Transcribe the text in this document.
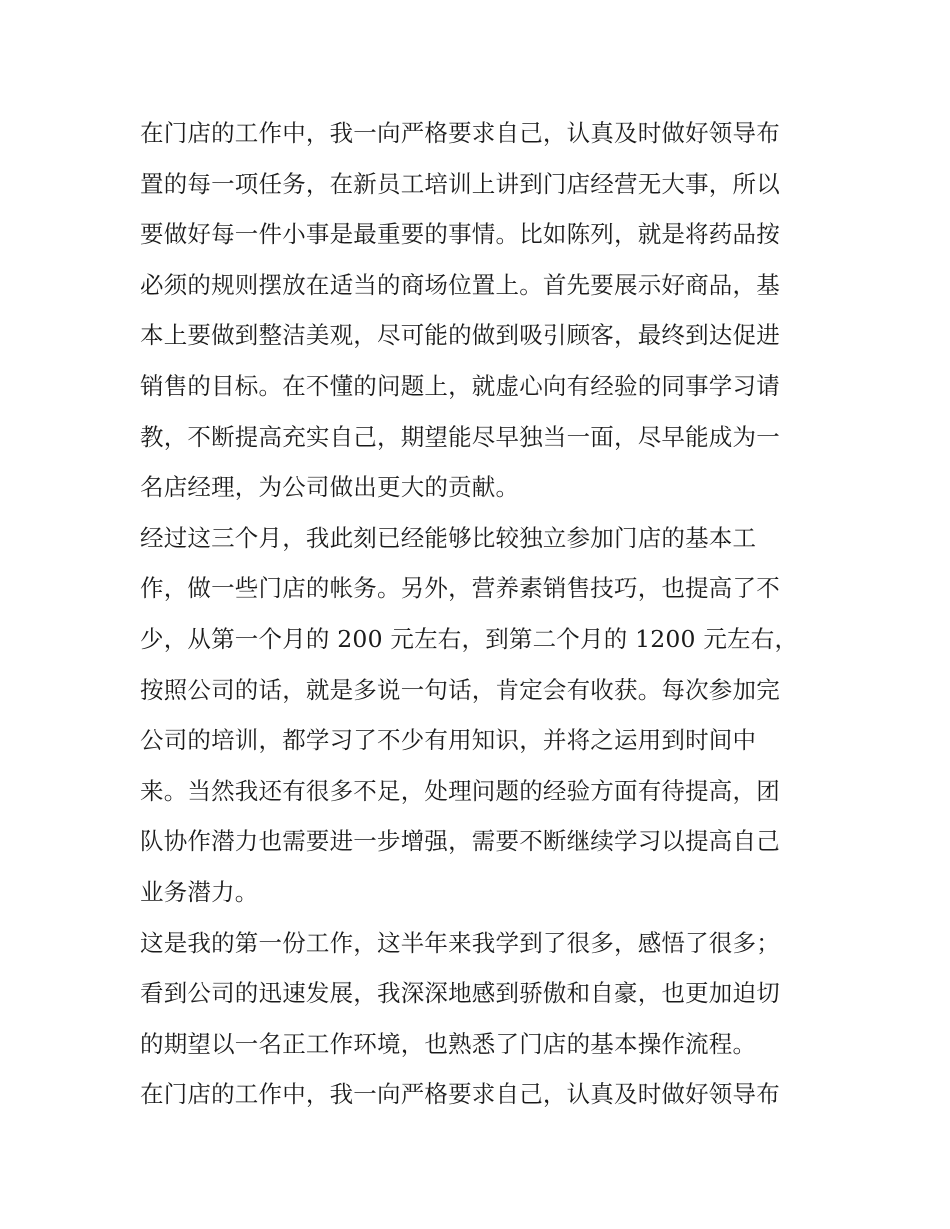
在门店的工作中，我一向严格要求自己，认真及时做好领导布
置的每一项任务，在新员工培训上讲到门店经营无大事，所以
要做好每一件小事是最重要的事情。比如陈列，就是将药品按
必须的规则摆放在适当的商场位置上。首先要展示好商品，基
本上要做到整洁美观，尽可能的做到吸引顾客，最终到达促进
销售的目标。在不懂的问题上，就虚心向有经验的同事学习请
教，不断提高充实自己，期望能尽早独当一面，尽早能成为一
名店经理，为公司做出更大的贡献。
经过这三个月，我此刻已经能够比较独立参加门店的基本工
作，做一些门店的帐务。另外，营养素销售技巧，也提高了不
少，从第一个月的 200 元左右，到第二个月的 1200 元左右，
按照公司的话，就是多说一句话，肯定会有收获。每次参加完
公司的培训，都学习了不少有用知识，并将之运用到时间中
来。当然我还有很多不足，处理问题的经验方面有待提高，团
队协作潜力也需要进一步增强，需要不断继续学习以提高自己
业务潜力。
这是我的第一份工作，这半年来我学到了很多，感悟了很多；
看到公司的迅速发展，我深深地感到骄傲和自豪，也更加迫切
的期望以一名正工作环境，也熟悉了门店的基本操作流程。
在门店的工作中，我一向严格要求自己，认真及时做好领导布
